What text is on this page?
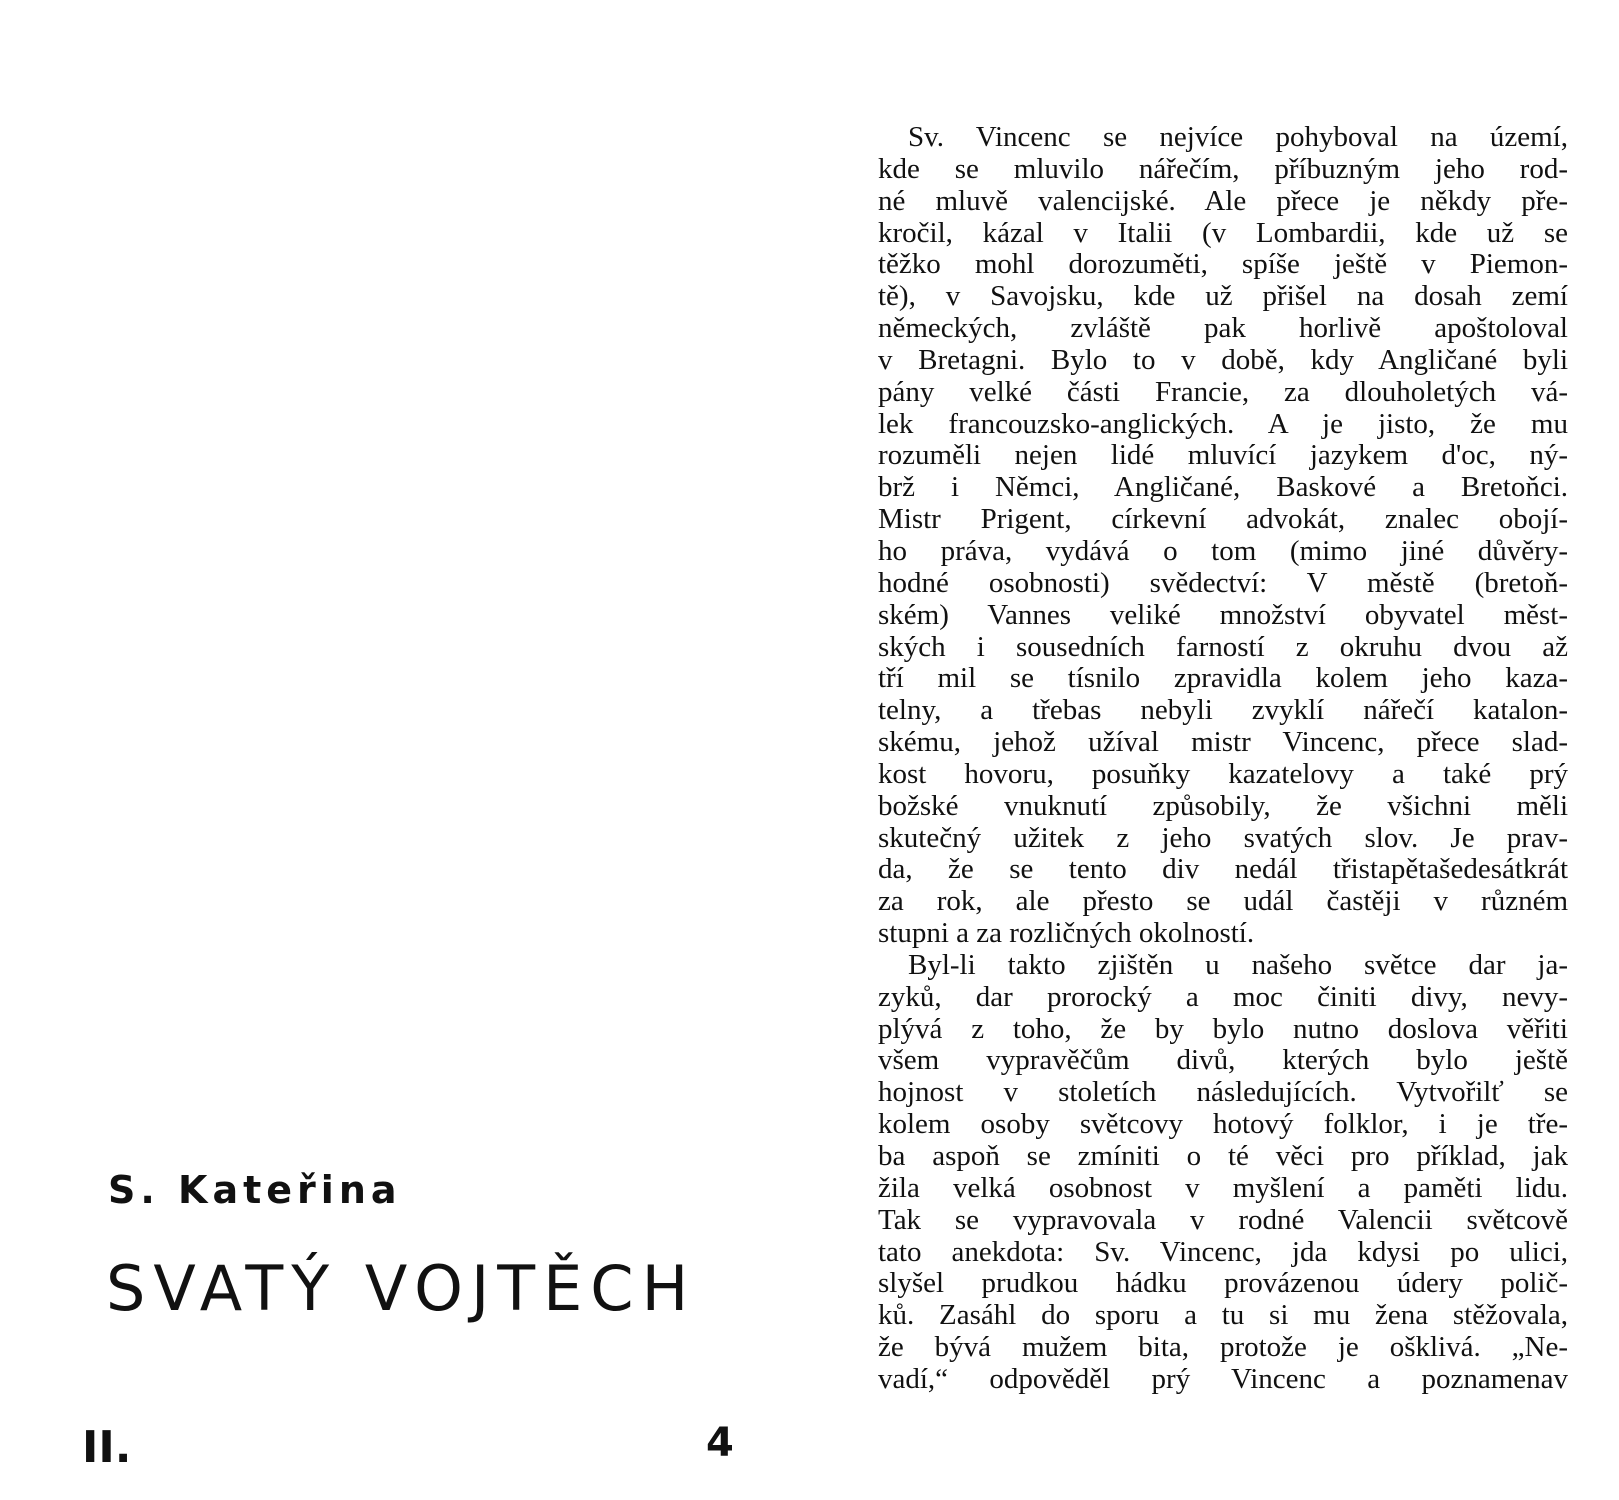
S. Kateřina
SVATÝ VOJTĚCH
II.	4
Sv. Vincenc se nejvíce pohyboval na území,
kde se mluvilo nářečím, příbuzným jeho rod-
né mluvě valencijské. Ale přece je někdy pře-
kročil, kázal v Italii (v Lombardii, kde už se
těžko mohl dorozuměti, spíše ještě v Piemon-
tě), v Savojsku, kde už přišel na dosah zemí
německých, zvláště pak horlivě apoštoloval
v Bretagni. Bylo to v době, kdy Angličané byli
pány velké části Francie, za dlouholetých vá-
lek francouzsko-anglických. A je jisto, že mu
rozuměli nejen lidé mluvící jazykem d'oc, ný-
brž i Němci, Angličané, Baskové a Bretoňci.
Mistr Prigent, církevní advokát, znalec obojí-
ho práva, vydává o tom (mimo jiné důvěry-
hodné osobnosti) svědectví: V městě (bretoň-
ském) Vannes veliké množství obyvatel měst-
ských i sousedních farností z okruhu dvou až
tří mil se tísnilo zpravidla kolem jeho kaza-
telny, a třebas nebyli zvyklí nářečí katalon-
skému, jehož užíval mistr Vincenc, přece slad-
kost hovoru, posuňky kazatelovy a také prý
božské vnuknutí způsobily, že všichni měli
skutečný užitek z jeho svatých slov. Je prav-
da, že se tento div nedál třistapětašedesátkrát
za rok, ale přesto se udál častěji v různém
stupni a za rozličných okolností.
Byl-li takto zjištěn u našeho světce dar ja-
zyků, dar prorocký a moc činiti divy, nevy-
plývá z toho, že by bylo nutno doslova věřiti
všem vypravěčům divů, kterých bylo ještě
hojnost v stoletích následujících. Vytvořilť se
kolem osoby světcovy hotový folklor, i je tře-
ba aspoň se zmíniti o té věci pro příklad, jak
žila velká osobnost v myšlení a paměti lidu.
Tak se vypravovala v rodné Valencii světcově
tato anekdota: Sv. Vincenc, jda kdysi po ulici,
slyšel prudkou hádku provázenou údery polič-
ků. Zasáhl do sporu a tu si mu žena stěžovala,
že bývá mužem bita, protože je ošklivá. „Ne-
vadí,“ odpověděl prý Vincenc a poznamenav
